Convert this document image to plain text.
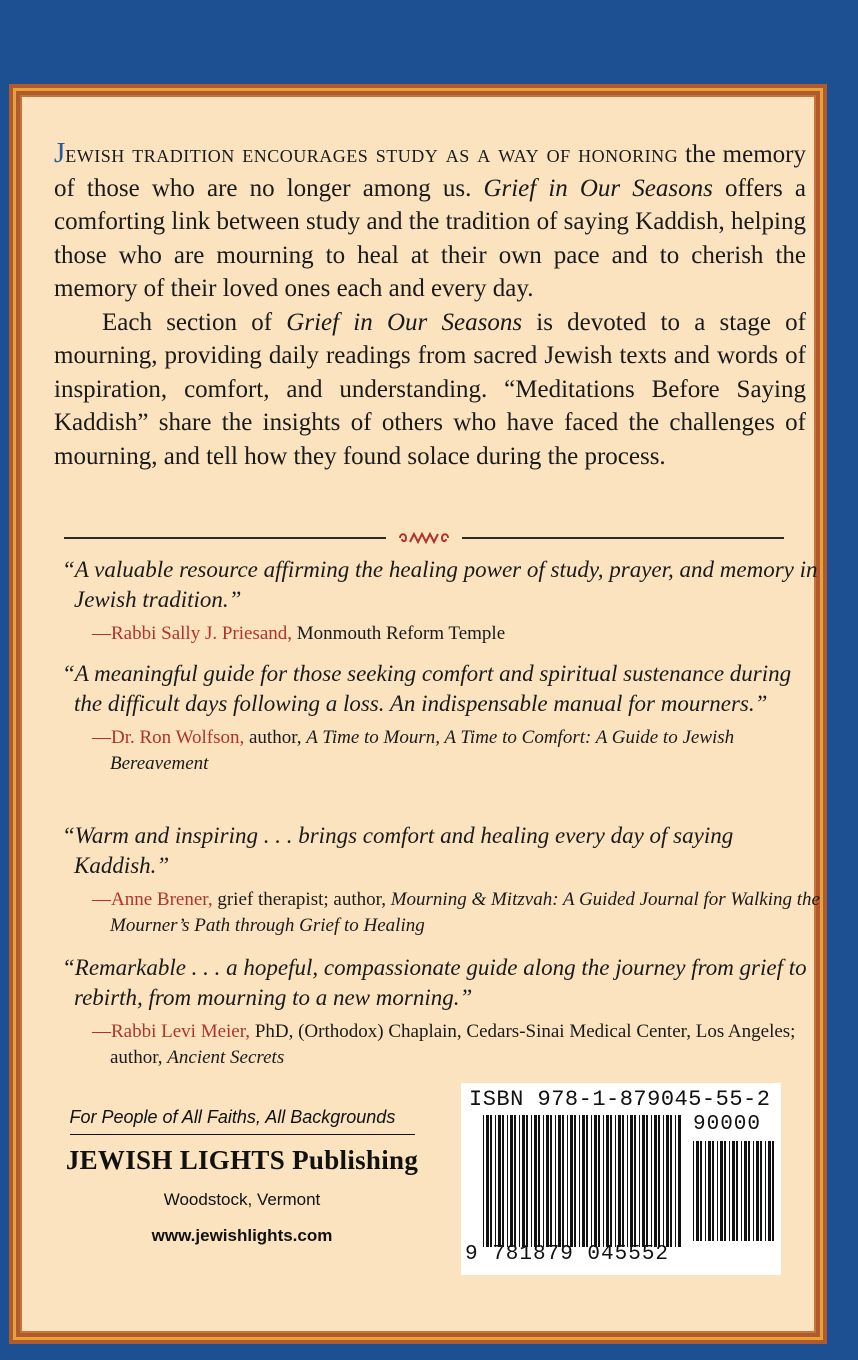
Jewish tradition encourages study as a way of honoring the memory of those who are no longer among us. Grief in Our Seasons offers a comforting link between study and the tradition of saying Kaddish, helping those who are mourning to heal at their own pace and to cherish the memory of their loved ones each and every day.

Each section of Grief in Our Seasons is devoted to a stage of mourning, providing daily readings from sacred Jewish texts and words of inspiration, comfort, and understanding. “Meditations Before Saying Kaddish” share the insights of others who have faced the challenges of mourning, and tell how they found solace during the process.

“A valuable resource affirming the healing power of study, prayer, and memory in Jewish tradition.”
—Rabbi Sally J. Priesand, Monmouth Reform Temple
“A meaningful guide for those seeking comfort and spiritual sustenance during the difficult days following a loss. An indispensable manual for mourners.”
—Dr. Ron Wolfson, author, A Time to Mourn, A Time to Comfort: A Guide to Jewish Bereavement
“Warm and inspiring . . . brings comfort and healing every day of saying Kaddish.”
—Anne Brener, grief therapist; author, Mourning & Mitzvah: A Guided Journal for Walking the Mourner’s Path through Grief to Healing
“Remarkable . . . a hopeful, compassionate guide along the journey from grief to rebirth, from mourning to a new morning.”
—Rabbi Levi Meier, PhD, (Orthodox) Chaplain, Cedars-Sinai Medical Center, Los Angeles; author, Ancient Secrets
For People of All Faiths, All Backgrounds
JEWISH LIGHTS Publishing
Woodstock, Vermont
www.jewishlights.com
ISBN 978-1-879045-55-2
90000
9 781879 045552
